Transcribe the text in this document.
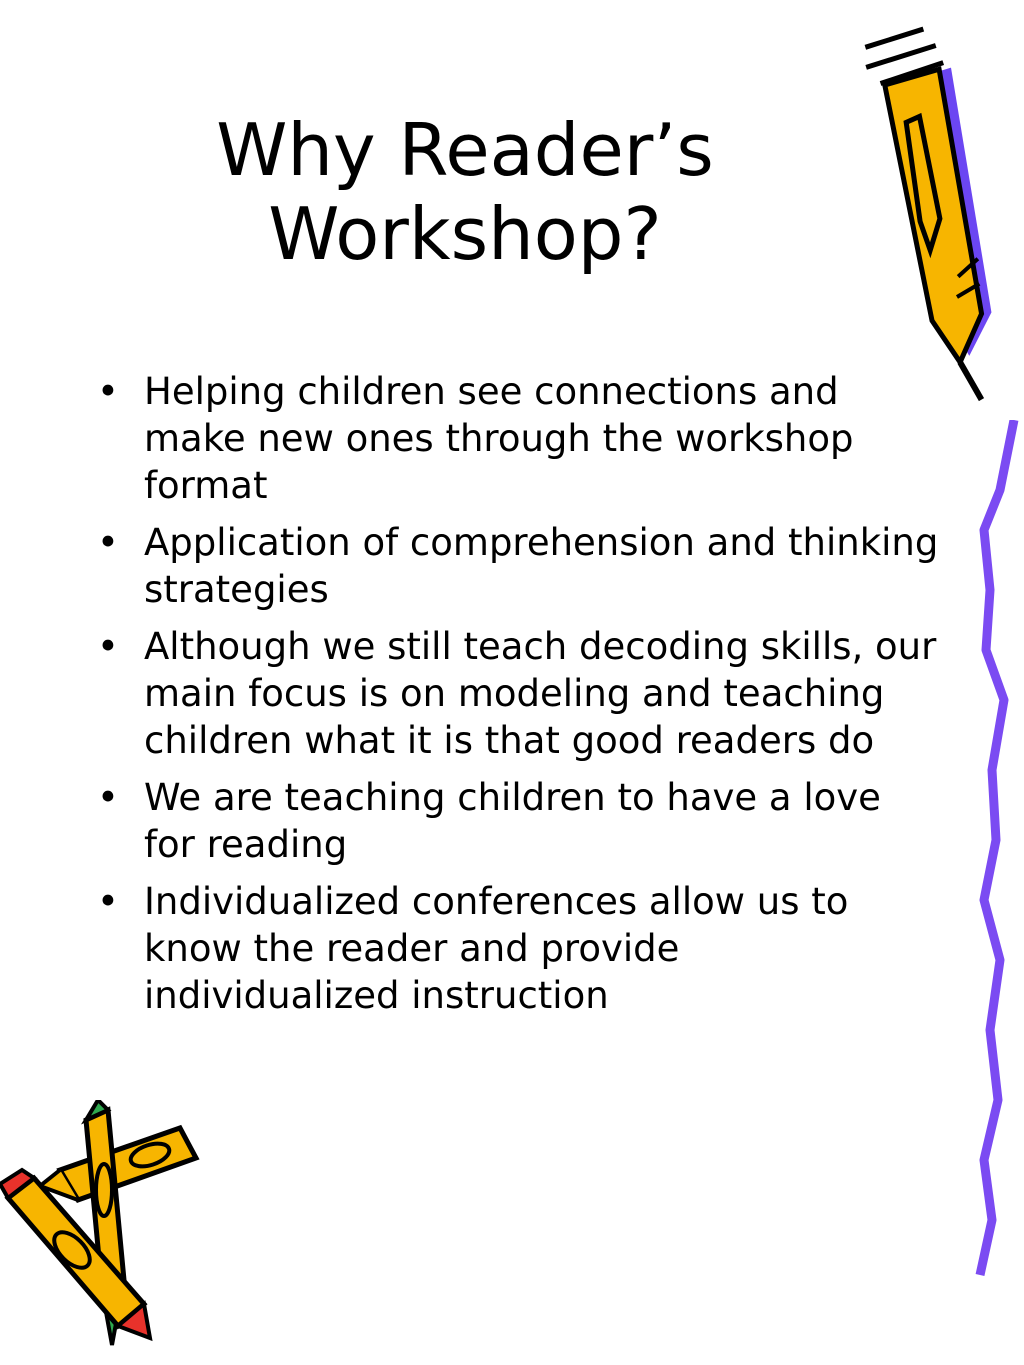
Why Reader’s
Workshop?
• Helping children see connections and make new ones through the workshop format
• Application of comprehension and thinking strategies
• Although we still teach decoding skills, our main focus is on modeling and teaching children what it is that good readers do
• We are teaching children to have a love for reading
• Individualized conferences allow us to know the reader and provide individualized instruction
